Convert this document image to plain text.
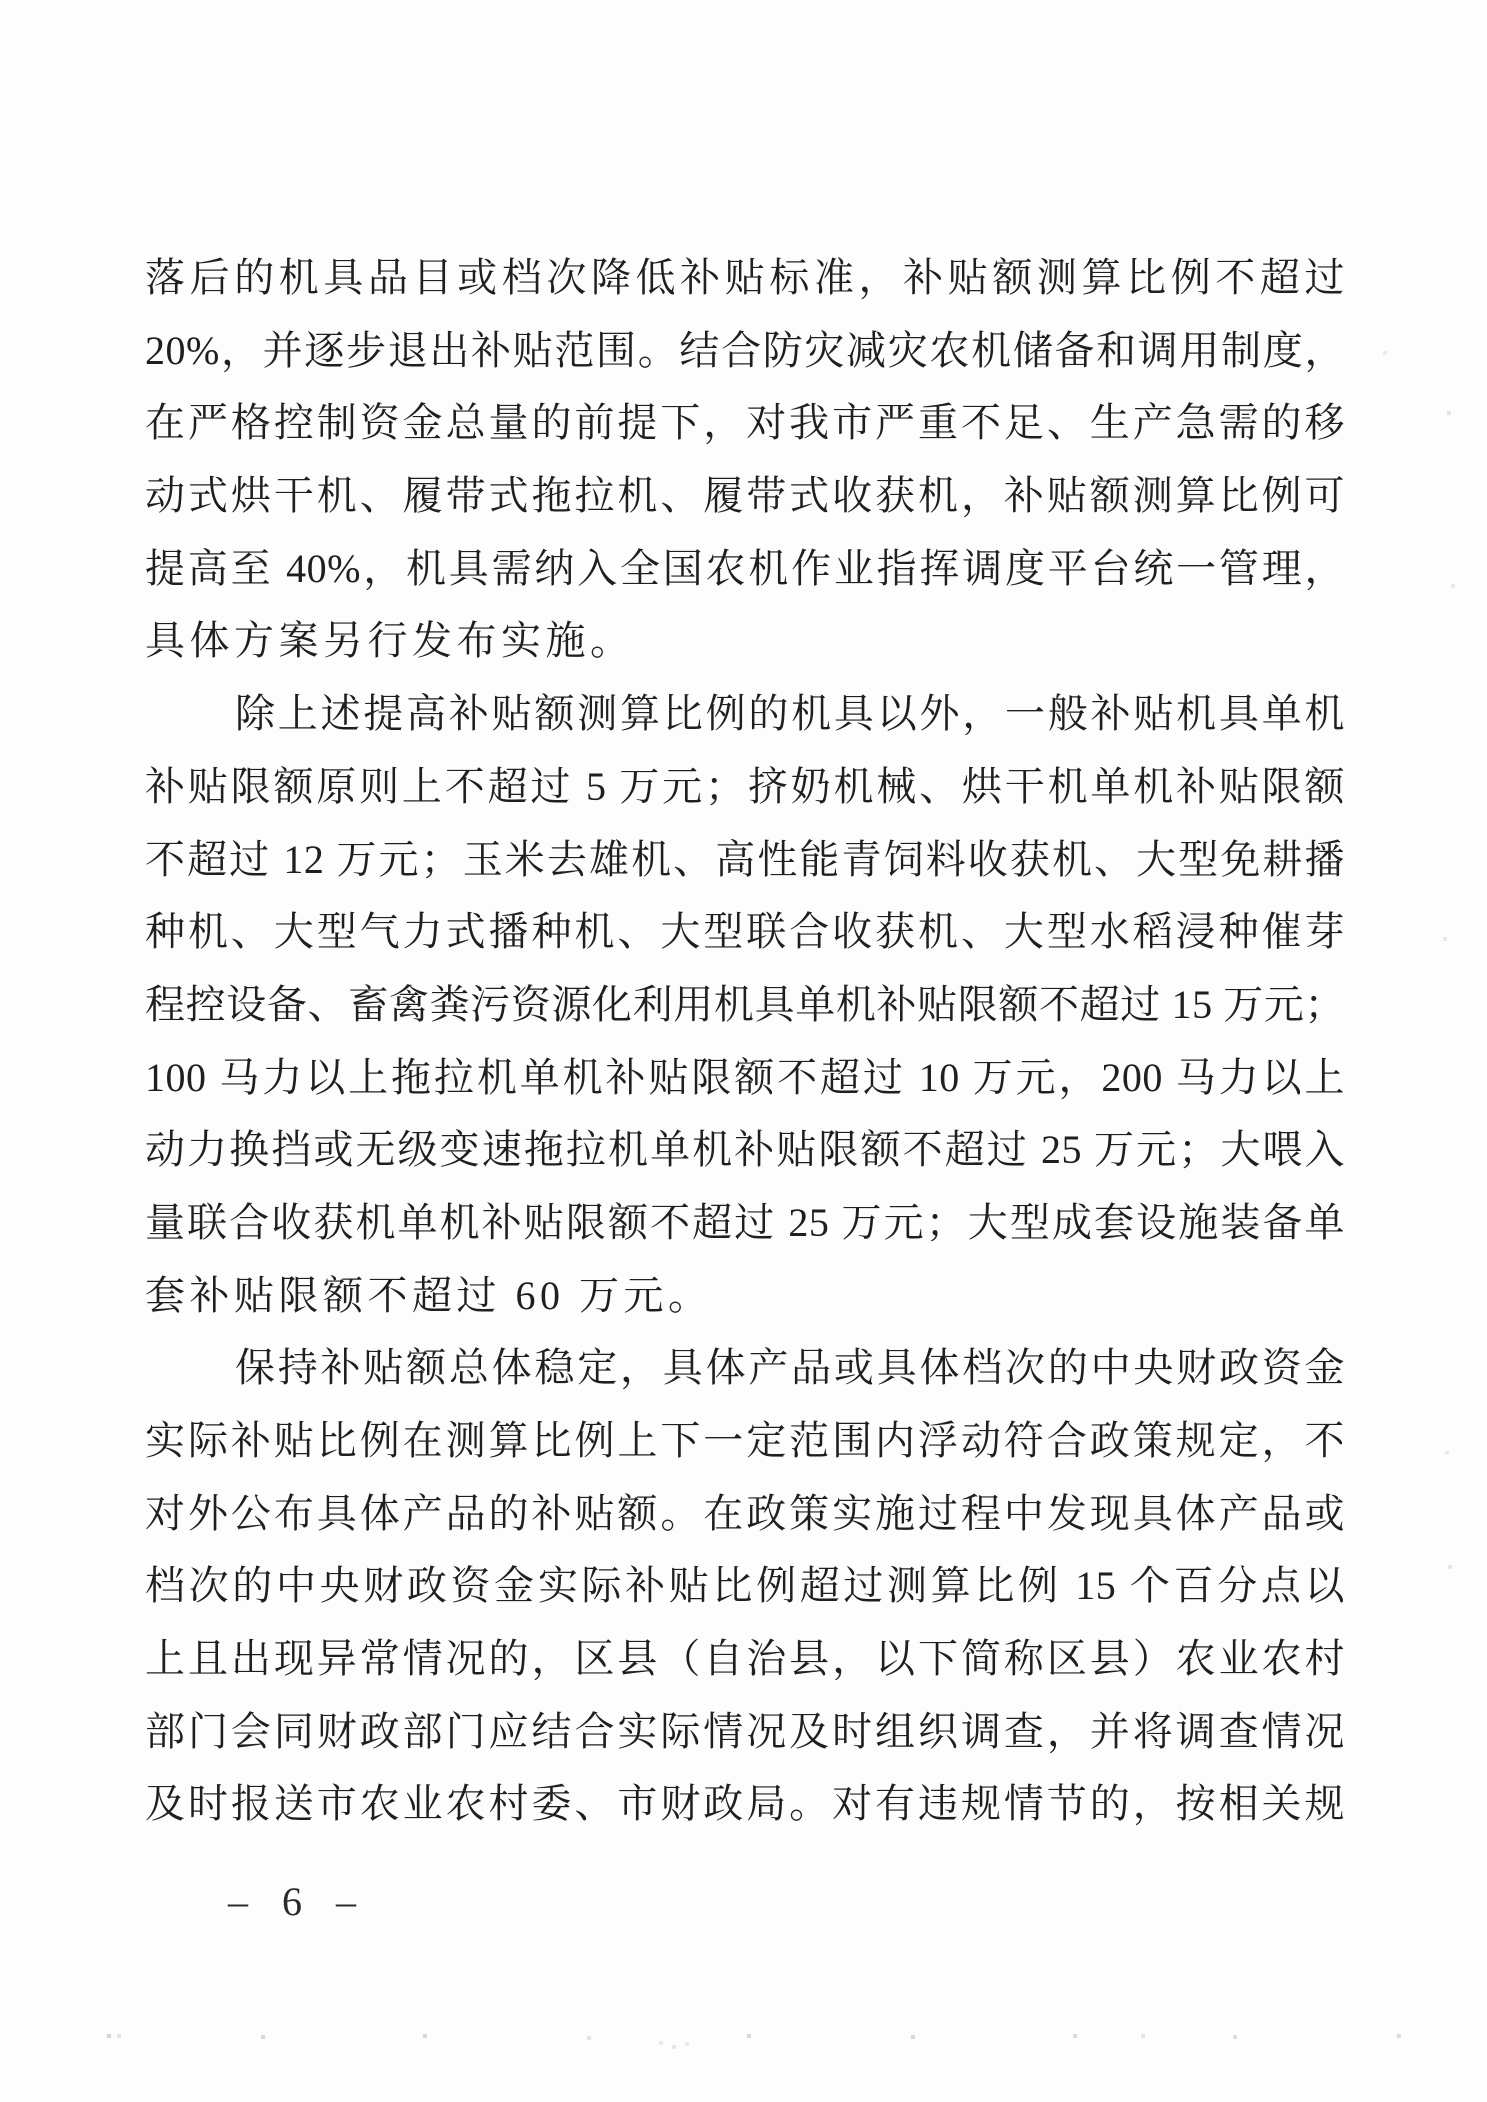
落后的机具品目或档次降低补贴标准，补贴额测算比例不超过
20%，并逐步退出补贴范围。结合防灾减灾农机储备和调用制度，
在严格控制资金总量的前提下，对我市严重不足、生产急需的移
动式烘干机、履带式拖拉机、履带式收获机，补贴额测算比例可
提高至 40%，机具需纳入全国农机作业指挥调度平台统一管理，
具体方案另行发布实施。
除上述提高补贴额测算比例的机具以外，一般补贴机具单机
补贴限额原则上不超过 5 万元；挤奶机械、烘干机单机补贴限额
不超过 12 万元；玉米去雄机、高性能青饲料收获机、大型免耕播
种机、大型气力式播种机、大型联合收获机、大型水稻浸种催芽
程控设备、畜禽粪污资源化利用机具单机补贴限额不超过 15 万元；
100 马力以上拖拉机单机补贴限额不超过 10 万元，200 马力以上
动力换挡或无级变速拖拉机单机补贴限额不超过 25 万元；大喂入
量联合收获机单机补贴限额不超过 25 万元；大型成套设施装备单
套补贴限额不超过 60 万元。
保持补贴额总体稳定，具体产品或具体档次的中央财政资金
实际补贴比例在测算比例上下一定范围内浮动符合政策规定，不
对外公布具体产品的补贴额。在政策实施过程中发现具体产品或
档次的中央财政资金实际补贴比例超过测算比例 15 个百分点以
上且出现异常情况的，区县（自治县，以下简称区县）农业农村
部门会同财政部门应结合实际情况及时组织调查，并将调查情况
及时报送市农业农村委、市财政局。对有违规情节的，按相关规
– 6 –
